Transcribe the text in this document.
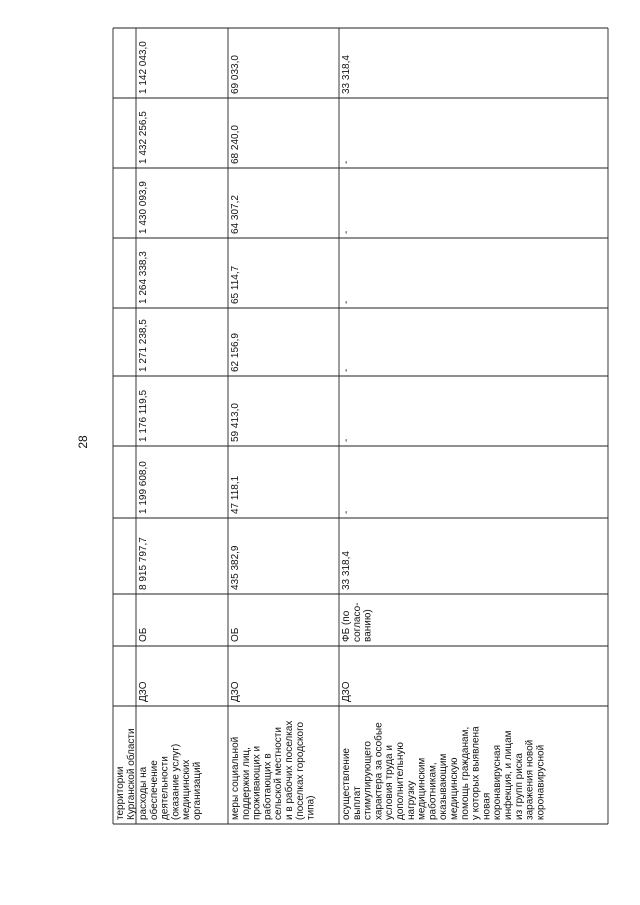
28
территорииКурганской области расходы наобеспечениедеятельности(оказание услуг)медицинскихорганизаций
ДЗО
ОБ
8 915 797,7
1 199 608,0
1 176 119,5
1 271 238,5
1 264 338,3
1 430 093,9
1 432 256,5
1 142 043,0
меры социальнойподдержки лиц,проживающих иработающих всельской местностии в рабочих поселках(поселках городскоготипа)
ДЗО
ОБ
435 382,9
47 118,1
59 413,0
62 156,9
65 114,7
64 307,2
68 240,0
69 033,0
осуществлениевыплатстимулирующегохарактера за особыеусловия труда идополнительнуюнагрузкумедицинскимработникам,оказывающиммедицинскуюпомощь гражданам,у которых выявленановаякоронавируснаяинфекция, и лицамиз групп рисказаражения новойкоронавирусной
ДЗО
ФБ (посогласо-ванию)
33 318,4
-
-
-
-
-
-
33 318,4
